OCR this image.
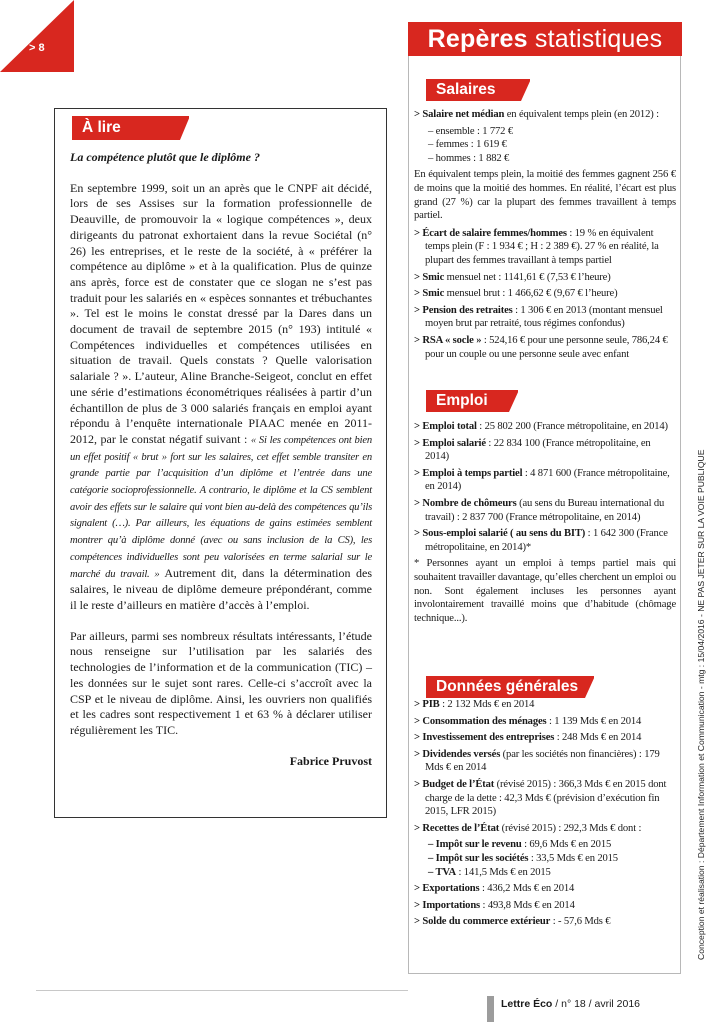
> 8	Repères statistiques
À lire

La compétence plutôt que le diplôme ?

En septembre 1999, soit un an après que le CNPF ait décidé, lors de ses Assises sur la formation professionnelle de Deauville, de promouvoir la « logique compétences », deux dirigeants du patronat exhortaient dans la revue Sociétal (n° 26) les entreprises, et le reste de la société, à « préférer la compétence au diplôme » et à la qualification. Plus de quinze ans après, force est de constater que ce slogan ne s’est pas traduit pour les salariés en « espèces sonnantes et trébuchantes ». Tel est le moins le constat dressé par la Dares dans un document de travail de septembre 2015 (n° 193) intitulé « Compétences individuelles et compétences utilisées en situation de travail. Quels constats ? Quelle valorisation salariale ? ». L’auteur, Aline Branche-Seigeot, conclut en effet une série d’estimations économétriques réalisées à partir d’un échantillon de plus de 3 000 salariés français en emploi ayant répondu à l’enquête internationale PIAAC menée en 2011-2012, par le constat négatif suivant : « Si les compétences ont bien un effet positif « brut » fort sur les salaires, cet effet semble transiter en grande partie par l’acquisition d’un diplôme et l’entrée dans une catégorie socioprofessionnelle. A contrario, le diplôme et la CS semblent avoir des effets sur le salaire qui vont bien au-delà des compétences qu’ils signalent (…). Par ailleurs, les équations de gains estimées semblent montrer qu’à diplôme donné (avec ou sans inclusion de la CS), les compétences individuelles sont peu valorisées en terme salarial sur le marché du travail. » Autrement dit, dans la détermination des salaires, le niveau de diplôme demeure prépondérant, comme il le reste d’ailleurs en matière d’accès à l’emploi.

Par ailleurs, parmi ses nombreux résultats intéressants, l’étude nous renseigne sur l’utilisation par les salariés des technologies de l’information et de la communication (TIC) – les données sur le sujet sont rares. Celle-ci s’accroît avec la CSP et le niveau de diplôme. Ainsi, les ouvriers non qualifiés et les cadres sont respectivement 1 et 63 % à déclarer utiliser régulièrement les TIC.

Fabrice Pruvost

Salaires

> Salaire net médian en équivalent temps plein (en 2012) :

– ensemble : 1 772 €

– femmes : 1 619 €

– hommes : 1 882 €

En équivalent temps plein, la moitié des femmes gagnent 256 € de moins que la moitié des hommes. En réalité, l’écart est plus grand (27 %) car la plupart des femmes travaillent à temps partiel.

> Écart de salaire femmes/hommes : 19 % en équivalent temps plein (F : 1 934 € ; H : 2 389 €). 27 % en réalité, la plupart des femmes travaillant à temps partiel

> Smic mensuel net : 1141,61 € (7,53 € l’heure)

> Smic mensuel brut : 1 466,62 € (9,67 € l’heure)

> Pension des retraites : 1 306 € en 2013 (montant mensuel moyen brut par retraité, tous régimes confondus)

> RSA « socle » : 524,16 € pour une personne seule, 786,24 € pour un couple ou une personne seule avec enfant

Emploi

> Emploi total : 25 802 200 (France métropolitaine, en 2014)

> Emploi salarié : 22 834 100 (France métropolitaine, en 2014)

> Emploi à temps partiel : 4 871 600 (France métropolitaine, en 2014)

> Nombre de chômeurs (au sens du Bureau international du travail) : 2 837 700 (France métropolitaine, en 2014)

> Sous-emploi salarié ( au sens du BIT) : 1 642 300 (France métropolitaine, en 2014)*

* Personnes ayant un emploi à temps partiel mais qui souhaitent travailler davantage, qu’elles cherchent un emploi ou non. Sont également incluses les personnes ayant involontairement travaillé moins que d’habitude (chômage technique...).

Données générales

> PIB : 2 132 Mds € en 2014

> Consommation des ménages : 1 139 Mds € en 2014

> Investissement des entreprises : 248 Mds € en 2014

> Dividendes versés (par les sociétés non financières) : 179 Mds € en 2014

> Budget de l’État (révisé 2015) : 366,3 Mds € en 2015 dont charge de la dette : 42,3 Mds € (prévision d’exécution fin 2015, LFR 2015)

> Recettes de l’État (révisé 2015) : 292,3 Mds € dont :

– Impôt sur le revenu : 69,6 Mds € en 2015

– Impôt sur les sociétés : 33,5 Mds € en 2015

– TVA : 141,5 Mds € en 2015

> Exportations : 436,2 Mds € en 2014

> Importations : 493,8 Mds € en 2014

> Solde du commerce extérieur : - 57,6 Mds €	Conception et réalisation : Département Information et Communication - mtg : 15/04/2016 - NE PAS JETER SUR LA VOIE PUBLIQUE
Lettre Éco / n° 18 / avril 2016
